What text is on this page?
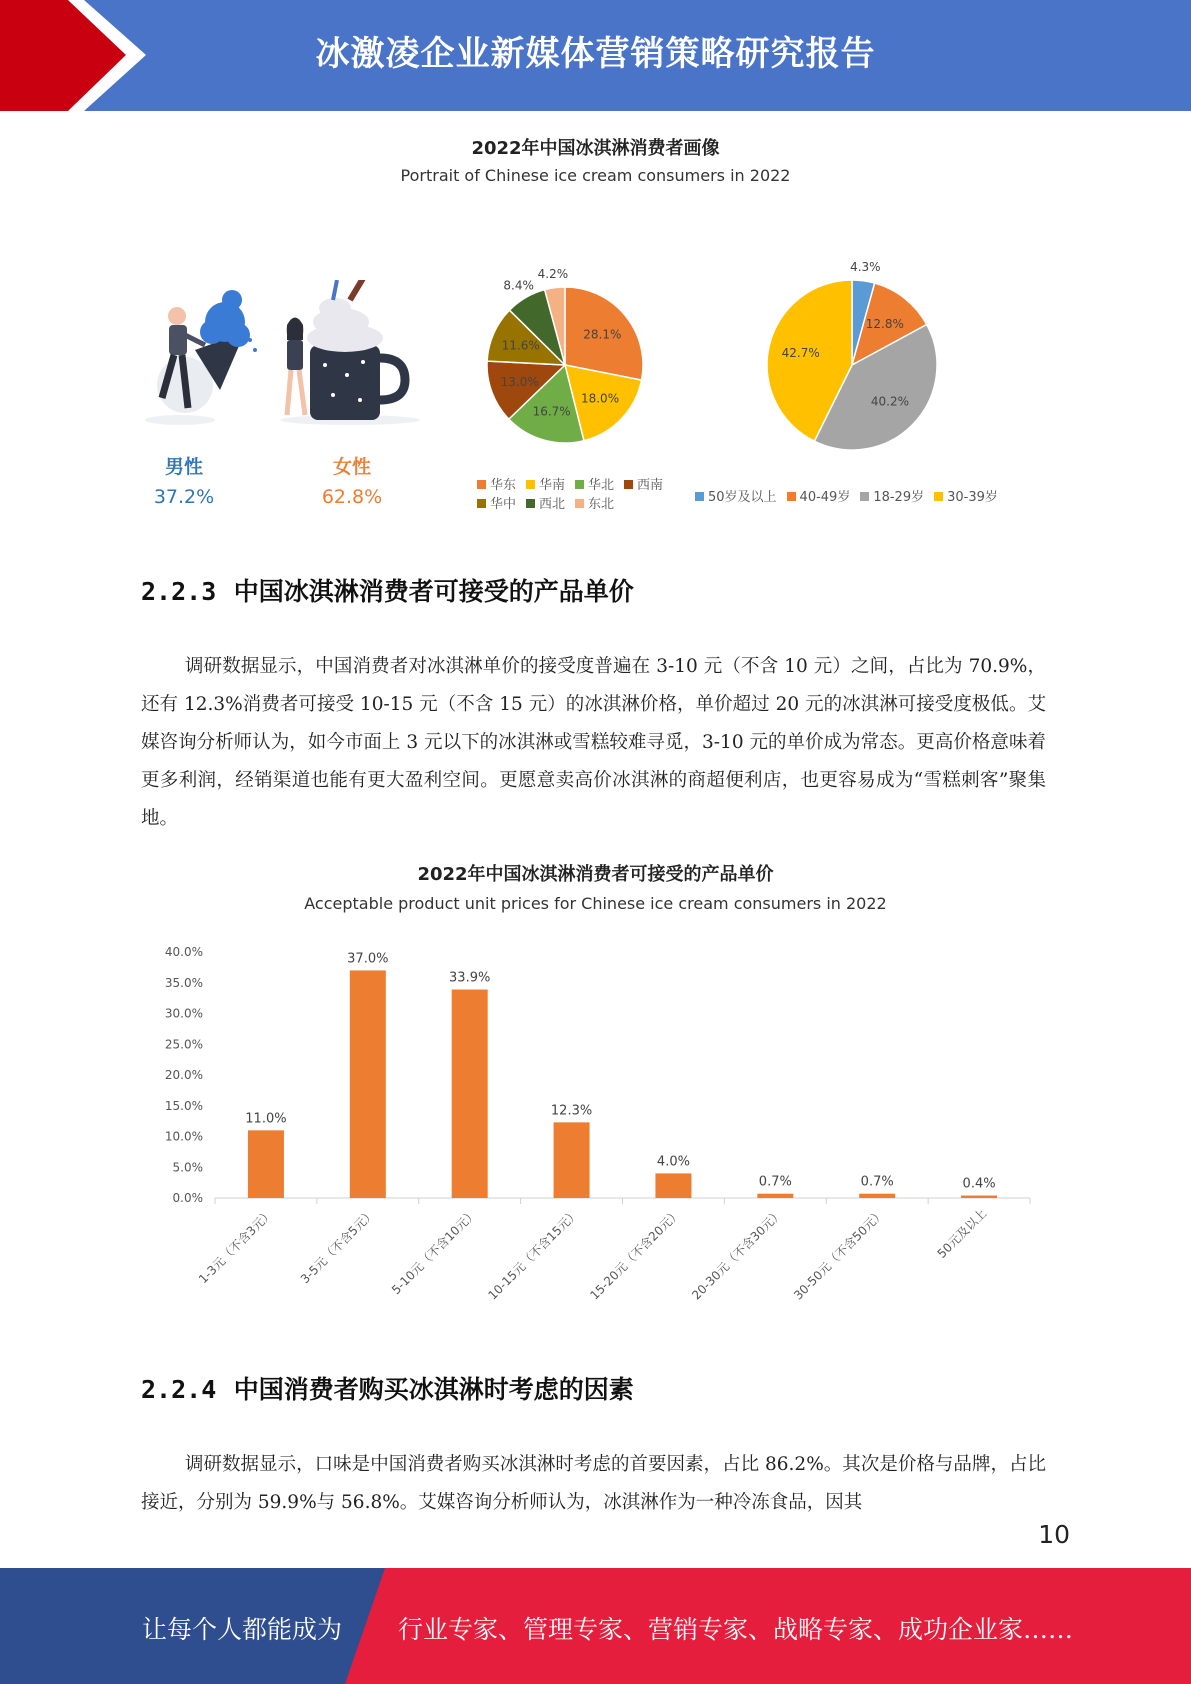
冰激凌企业新媒体营销策略研究报告
2022年中国冰淇淋消费者画像
Portrait of Chinese ice cream consumers in 2022
男性
37.2%
女性
62.8%
28.1%
18.0%
16.7%
13.0%
11.6%
8.4%
4.2%
华东 华南 华北 西南华中 西北 东北
4.3%
12.8%
40.2%
42.7%
50岁及以上 40-49岁 18-29岁 30-39岁
2.2.3 中国冰淇淋消费者可接受的产品单价
调研数据显示，中国消费者对冰淇淋单价的接受度普遍在 3-10 元（不含 10 元）之间，占比为 70.9%，还有 12.3%消费者可接受 10-15 元（不含 15 元）的冰淇淋价格，单价超过 20 元的冰淇淋可接受度极低。艾媒咨询分析师认为，如今市面上 3 元以下的冰淇淋或雪糕较难寻觅，3-10 元的单价成为常态。更高价格意味着更多利润，经销渠道也能有更大盈利空间。更愿意卖高价冰淇淋的商超便利店，也更容易成为“雪糕刺客”聚集地。
2022年中国冰淇淋消费者可接受的产品单价
Acceptable product unit prices for Chinese ice cream consumers in 2022
0.0%
5.0%
10.0%
15.0%
20.0%
25.0%
30.0%
35.0%
40.0%
11.0%
1-3元（不含3元）
37.0%
3-5元（不含5元）
33.9%
5-10元（不含10元）
12.3%
10-15元（不含15元）
4.0%
15-20元（不含20元）
0.7%
20-30元（不含30元）
0.7%
30-50元（不含50元）
0.4%
50元及以上
2.2.4 中国消费者购买冰淇淋时考虑的因素
调研数据显示，口味是中国消费者购买冰淇淋时考虑的首要因素，占比 86.2%。其次是价格与品牌，占比接近，分别为 59.9%与 56.8%。艾媒咨询分析师认为，冰淇淋作为一种冷冻食品，因其
10
让每个人都能成为 行业专家、管理专家、营销专家、战略专家、成功企业家……
